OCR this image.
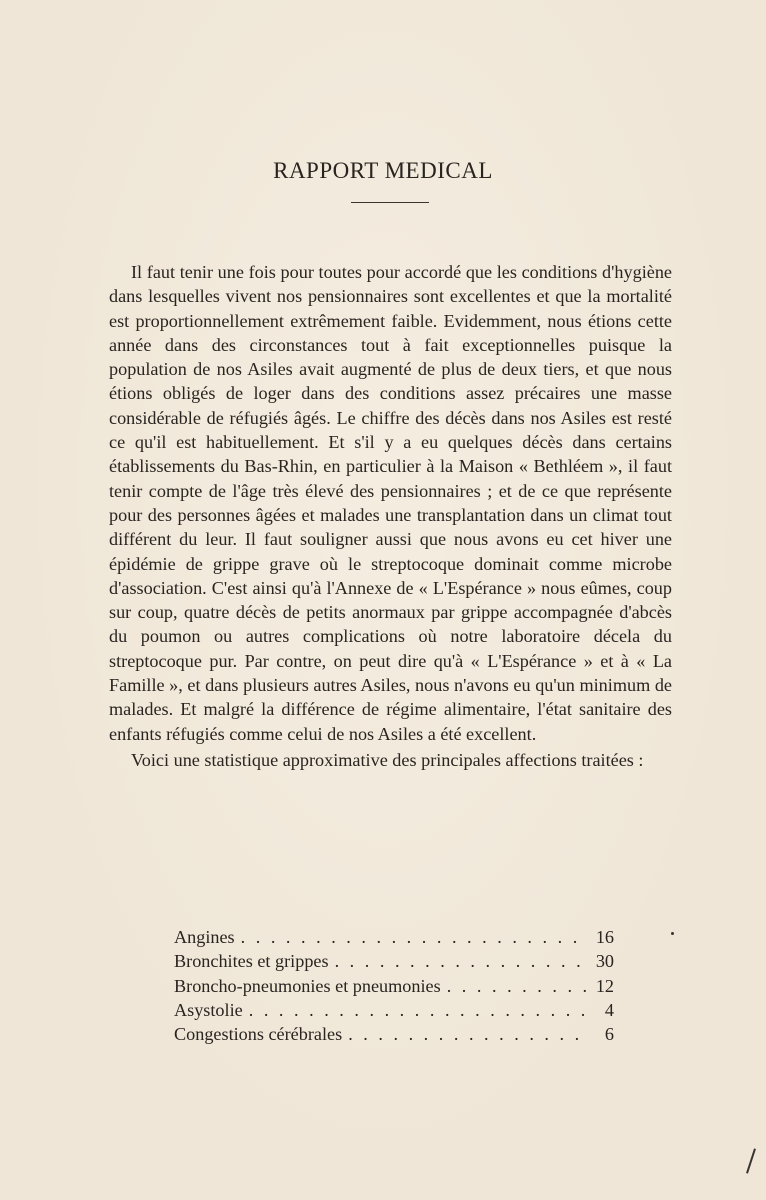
RAPPORT MEDICAL

Il faut tenir une fois pour toutes pour accordé que les conditions d'hygiène dans lesquelles vivent nos pensionnaires sont excellentes et que la mortalité est proportionnellement extrêmement faible. Evidemment, nous étions cette année dans des circonstances tout à fait exceptionnelles puisque la population de nos Asiles avait augmenté de plus de deux tiers, et que nous étions obligés de loger dans des conditions assez précaires une masse considérable de réfugiés âgés. Le chiffre des décès dans nos Asiles est resté ce qu'il est habituellement. Et s'il y a eu quelques décès dans certains établissements du Bas-Rhin, en particulier à la Maison « Bethléem », il faut tenir compte de l'âge très élevé des pensionnaires ; et de ce que représente pour des personnes âgées et malades une transplantation dans un climat tout différent du leur. Il faut souligner aussi que nous avons eu cet hiver une épidémie de grippe grave où le streptocoque dominait comme microbe d'association. C'est ainsi qu'à l'Annexe de « L'Espérance » nous eûmes, coup sur coup, quatre décès de petits anormaux par grippe accompagnée d'abcès du poumon ou autres complications où notre laboratoire décela du streptocoque pur. Par contre, on peut dire qu'à « L'Espérance » et à « La Famille », et dans plusieurs autres Asiles, nous n'avons eu qu'un minimum de malades. Et malgré la différence de régime alimentaire, l'état sanitaire des enfants réfugiés comme celui de nos Asiles a été excellent.

Voici une statistique approximative des principales affections traitées :

Angines . . .	16
Bronchites et grippes . . .	30
Broncho-pneumonies et pneumonies . . .	12
Asystolie . . .	4
Congestions cérébrales . . .	6
